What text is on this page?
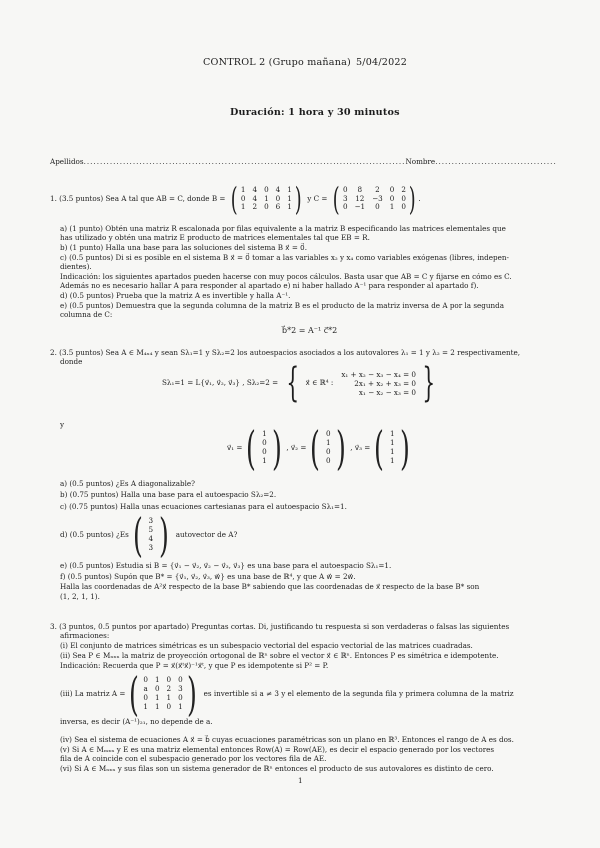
CONTROL 2 (Grupo mañana) 5/04/2022
Duración: 1 hora y 30 minutos
Apellidos..................................................................................................Nombre.....................................
1. (3.5 puntos) Sea A tal que AB = C, donde B = ( 1 4 0 4 1
0 4 1 0 1
1 2 0 6 1 ) y C = ( 0	8	2	0 2
3 12 −3 0 0
0 −1	0	1 0 ) .
a) (1 punto) Obtén una matriz R escalonada por filas equivalente a la matriz B especificando las matrices elementales que
has utilizado y obtén una matriz E producto de matrices elementales tal que EB = R.
b) (1 punto) Halla una base para las soluciones del sistema B x⃗ = 0⃗.
c) (0.5 puntos) Di si es posible en el sistema B x⃗ = 0⃗ tomar a las variables x₂ y x₄ como variables exógenas (libres, indepen-
dientes).
Indicación: los siguientes apartados pueden hacerse con muy pocos cálculos. Basta usar que AB = C y fijarse en cómo es C.
Además no es necesario hallar A para responder al apartado e) ni haber hallado A⁻¹ para responder al apartado f).
d) (0.5 puntos) Prueba que la matriz A es invertible y halla A⁻¹.
e) (0.5 puntos) Demuestra que la segunda columna de la matriz B es el producto de la matriz inversa de A por la segunda
columna de C:
b⃗*2 = A⁻¹ c⃗*2
2. (3.5 puntos) Sea A ∈ M₄ₓ₄ y sean Sλ₁=1 y Sλ₂=2 los autoespacios asociados a los autovalores λ₁ = 1 y λ₂ = 2 respectivamente,
donde
Sλ₁=1 = L{v⃗₁, v⃗₂, v⃗₃} , Sλ₂=2 = { x⃗ ∈ ℝ⁴ :
x₁ + x₂ − x₃ − x₄ = 0
2x₁ + x₂ + x₃ = 0
x₁ − x₂ − x₃ = 0 }
y
v⃗₁ = ( 1
0
0
1 ) , v⃗₂ = ( 0
1
0
0 ) , v⃗₃ = ( 1
1
1
1 )
a) (0.5 puntos) ¿Es A diagonalizable?
b) (0.75 puntos) Halla una base para el autoespacio Sλ₂=2.
c) (0.75 puntos) Halla unas ecuaciones cartesianas para el autoespacio Sλ₁=1.
d) (0.5 puntos) ¿Es ( 3
5
4
3 ) autovector de A?
e) (0.5 puntos) Estudia si B = {v⃗₁ − v⃗₂, v⃗₂ − v⃗₃, v⃗₃} es una base para el autoespacio Sλ₁=1.
f) (0.5 puntos) Supón que B* = {v⃗₁, v⃗₂, v⃗₃, w⃗} es una base de ℝ⁴, y que A w⃗ = 2w⃗.
Halla las coordenadas de A²x⃗ respecto de la base B* sabiendo que las coordenadas de x⃗ respecto de la base B* son
(1, 2, 1, 1).
3. (3 puntos, 0.5 puntos por apartado) Preguntas cortas. Di, justificando tu respuesta si son verdaderas o falsas las siguientes
afirmaciones:
(i) El conjunto de matrices simétricas es un subespacio vectorial del espacio vectorial de las matrices cuadradas.
(ii) Sea P ∈ Mₙₓₙ la matriz de proyección ortogonal de ℝⁿ sobre el vector x⃗ ∈ ℝⁿ. Entonces P es simétrica e idempotente.
Indicación: Recuerda que P = x⃗(x⃗ᵗx⃗)⁻¹x⃗ᵗ, y que P es idempotente si P² = P.
(iii) La matriz A = ( 0 1 0 0
a 0 2 3
0 1 1 0
1 1 0 1 ) es invertible si a ≠ 3 y el elemento de la segunda fila y primera columna de la matriz
inversa, es decir (A⁻¹)₂₁, no depende de a.
(iv) Sea el sistema de ecuaciones A x⃗ = b⃗ cuyas ecuaciones paramétricas son un plano en ℝ³. Entonces el rango de A es dos.
(v) Si A ∈ Mₘₓₙ y E es una matriz elemental entonces Row(A) = Row(AE), es decir el espacio generado por los vectores
fila de A coincide con el subespacio generado por los vectores fila de AE.
(vi) Si A ∈ Mₙₓₙ y sus filas son un sistema generador de ℝⁿ entonces el producto de sus autovalores es distinto de cero.
1
